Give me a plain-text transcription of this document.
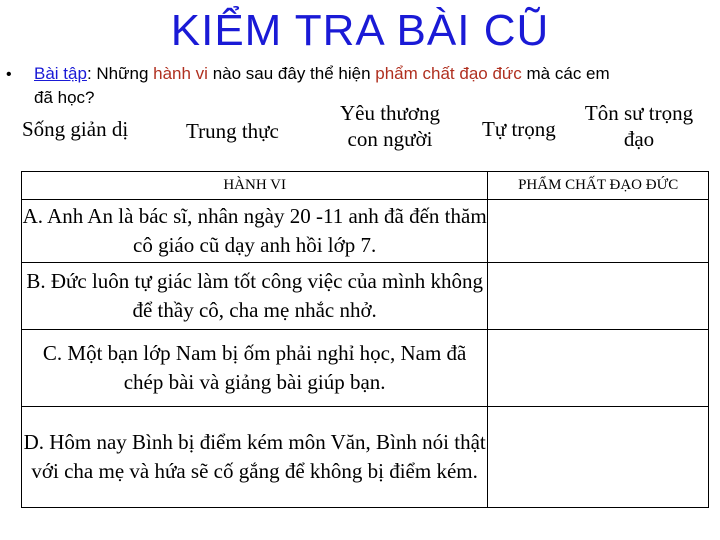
KIỂM TRA BÀI CŨ
• Bài tập: Những hành vi nào sau đây thể hiện phẩm chất đạo đức mà các em
đã học?
Sống giản dị	Trung thực
Yêu thương con người	Tự trọng
Tôn sư trọng đạo
HÀNH VI	PHẨM CHẤT ĐẠO ĐỨC
A. Anh An là bác sĩ, nhân ngày 20 -11 anh đã đến thăm cô giáo cũ dạy anh hồi lớp 7.	
B. Đức luôn tự giác làm tốt công việc của mình không để thầy cô, cha mẹ nhắc nhở.	
C. Một bạn lớp Nam bị ốm phải nghỉ học, Nam đã chép bài và giảng bài giúp bạn.	
D. Hôm nay Bình bị điểm kém môn Văn, Bình nói thật với cha mẹ và hứa sẽ cố gắng để không bị điểm kém.	
